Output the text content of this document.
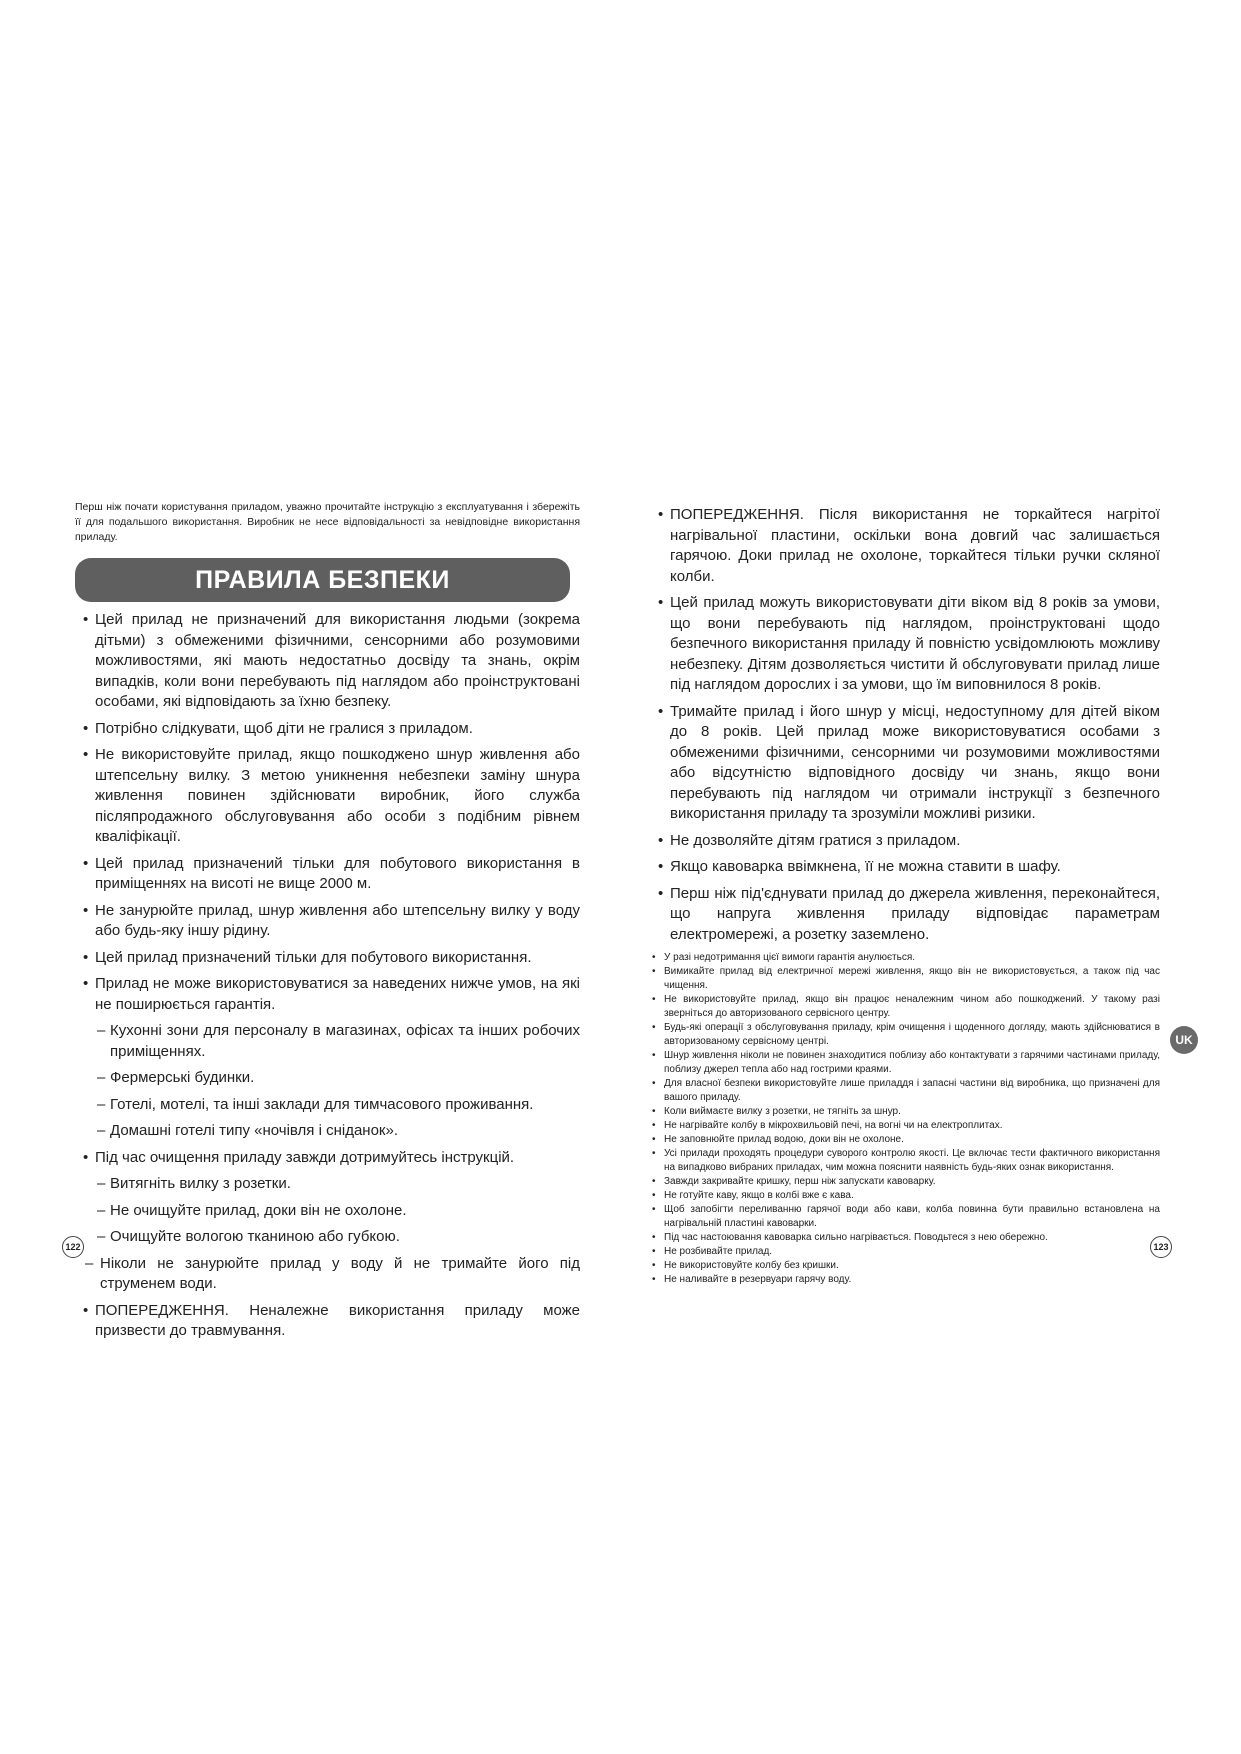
Перш ніж почати користування приладом, уважно прочитайте інструкцію з експлуатування і збережіть її для подальшого використання. Виробник не несе відповідальності за невідповідне використання приладу.

ПРАВИЛА БЕЗПЕКИ
• Цей прилад не призначений для використання людьми (зокрема дітьми) з обмеженими фізичними, сенсорними або розумовими можливостями, які мають недостатньо досвіду та знань, окрім випадків, коли вони перебувають під наглядом або проінструктовані особами, які відповідають за їхню безпеку.
• Потрібно слідкувати, щоб діти не гралися з приладом.
• Не використовуйте прилад, якщо пошкоджено шнур живлення або штепсельну вилку. З метою уникнення небезпеки заміну шнура живлення повинен здійснювати виробник, його служба післяпродажного обслуговування або особи з подібним рівнем кваліфікації.
• Цей прилад призначений тільки для побутового використання в приміщеннях на висоті не вище 2000 м.
• Не занурюйте прилад, шнур живлення або штепсельну вилку у воду або будь-яку іншу рідину.
• Цей прилад призначений тільки для побутового використання.
• Прилад не може використовуватися за наведених нижче умов, на які не поширюється гарантія.
– Кухонні зони для персоналу в магазинах, офісах та інших робочих приміщеннях.
– Фермерські будинки.
– Готелі, мотелі, та інші заклади для тимчасового проживання.
– Домашні готелі типу «ночівля і сніданок».
• Під час очищення приладу завжди дотримуйтесь інструкцій.
– Витягніть вилку з розетки.
– Не очищуйте прилад, доки він не охолоне.
– Очищуйте вологою тканиною або губкою.
– Ніколи не занурюйте прилад у воду й не тримайте його під струменем води.
• ПОПЕРЕДЖЕННЯ. Неналежне використання приладу може призвести до травмування.
• ПОПЕРЕДЖЕННЯ. Після використання не торкайтеся нагрітої нагрівальної пластини, оскільки вона довгий час залишається гарячою. Доки прилад не охолоне, торкайтеся тільки ручки скляної колби.
• Цей прилад можуть використовувати діти віком від 8 років за умови, що вони перебувають під наглядом, проінструктовані щодо безпечного використання приладу й повністю усвідомлюють можливу небезпеку. Дітям дозволяється чистити й обслуговувати прилад лише під наглядом дорослих і за умови, що їм виповнилося 8 років.
• Тримайте прилад і його шнур у місці, недоступному для дітей віком до 8 років. Цей прилад може використовуватися особами з обмеженими фізичними, сенсорними чи розумовими можливостями або відсутністю відповідного досвіду чи знань, якщо вони перебувають під наглядом чи отримали інструкції з безпечного використання приладу та зрозуміли можливі ризики.
• Не дозволяйте дітям гратися з приладом.
• Якщо кавоварка ввімкнена, її не можна ставити в шафу.
• Перш ніж під'єднувати прилад до джерела живлення, переконайтеся, що напруга живлення приладу відповідає параметрам електромережі, а розетку заземлено.
• У разі недотримання цієї вимоги гарантія анулюється.
• Вимикайте прилад від електричної мережі живлення, якщо він не використовується, а також під час чищення.
• Не використовуйте прилад, якщо він працює неналежним чином або пошкоджений. У такому разі зверніться до авторизованого сервісного центру.
• Будь-які операції з обслуговування приладу, крім очищення і щоденного догляду, мають здійснюватися в авторизованому сервісному центрі.
• Шнур живлення ніколи не повинен знаходитися поблизу або контактувати з гарячими частинами приладу, поблизу джерел тепла або над гострими краями.
• Для власної безпеки використовуйте лише приладдя і запасні частини від виробника, що призначені для вашого приладу.
• Коли виймаєте вилку з розетки, не тягніть за шнур.
• Не нагрівайте колбу в мікрохвильовій печі, на вогні чи на електроплитах.
• Не заповнюйте прилад водою, доки він не охолоне.
• Усі прилади проходять процедури суворого контролю якості. Це включає тести фактичного використання на випадково вибраних приладах, чим можна пояснити наявність будь-яких ознак використання.
• Завжди закривайте кришку, перш ніж запускати кавоварку.
• Не готуйте каву, якщо в колбі вже є кава.
• Щоб запобігти переливанню гарячої води або кави, колба повинна бути правильно встановлена на нагрівальній пластині кавоварки.
• Під час настоювання кавоварка сильно нагрівається. Поводьтеся з нею обережно.
• Не розбивайте прилад.
• Не використовуйте колбу без кришки.
• Не наливайте в резервуари гарячу воду.
122	123
UK
